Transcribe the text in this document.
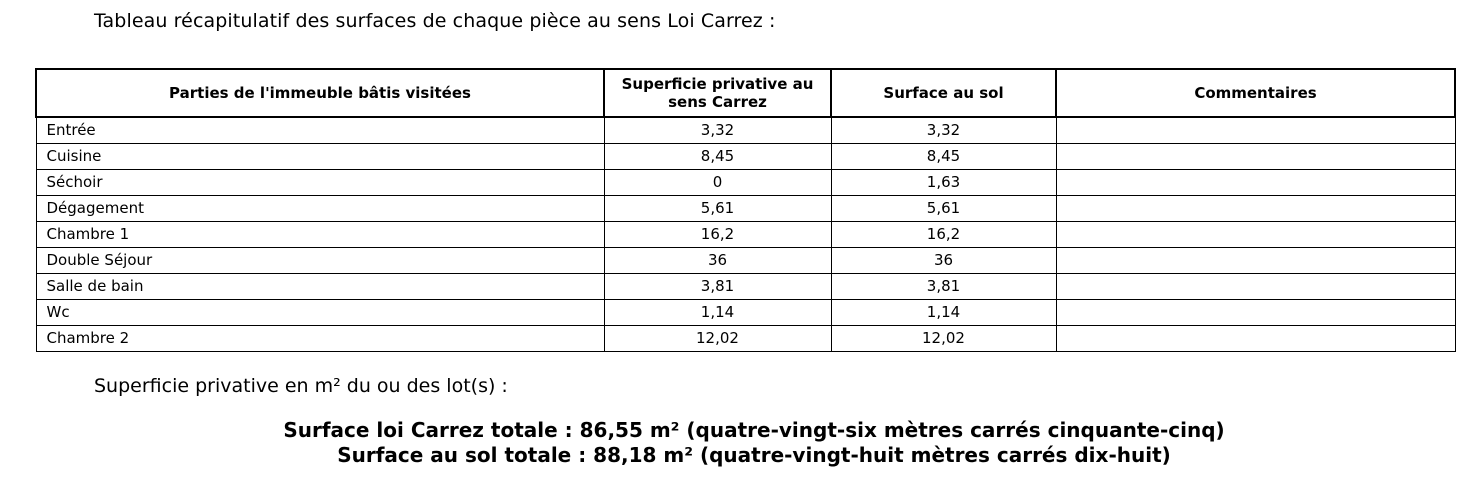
Tableau récapitulatif des surfaces de chaque pièce au sens Loi Carrez :
Parties de l'immeuble bâtis visitées	Superficie privative au sens Carrez	Surface au sol	Commentaires
Entrée	3,32	3,32	
Cuisine	8,45	8,45	
Séchoir	0	1,63	
Dégagement	5,61	5,61	
Chambre 1	16,2	16,2	
Double Séjour	36	36	
Salle de bain	3,81	3,81	
Wc	1,14	1,14	
Chambre 2	12,02	12,02	
Superficie privative en m² du ou des lot(s) :
Surface loi Carrez totale : 86,55 m² (quatre-vingt-six mètres carrés cinquante-cinq)
Surface au sol totale : 88,18 m² (quatre-vingt-huit mètres carrés dix-huit)
